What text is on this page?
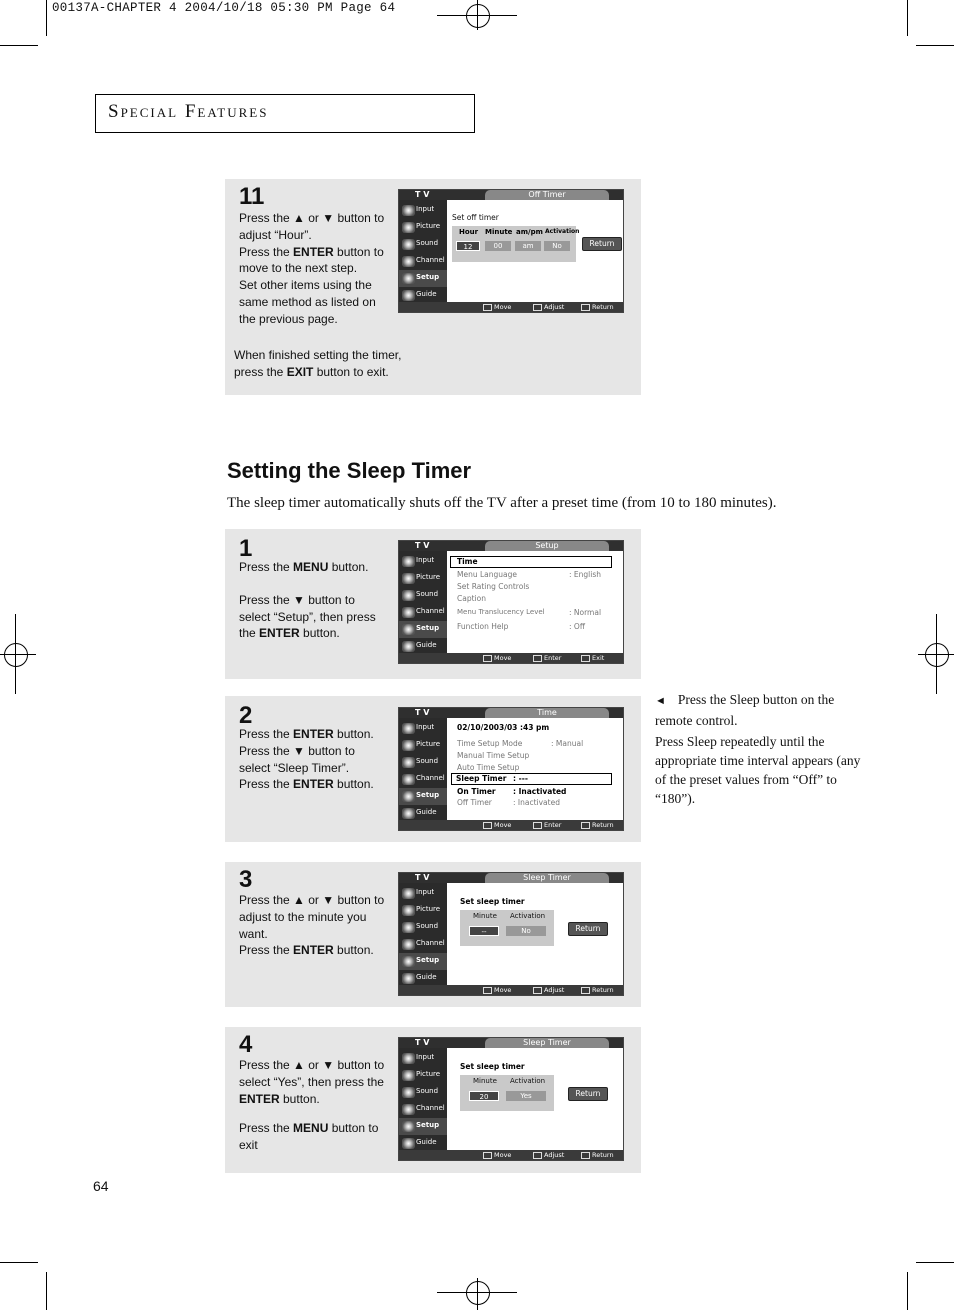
00137A-CHAPTER 4 2004/10/18 05:30 PM Page 64
Special Features
11
Press the ▲ or ▼ button to
adjust “Hour”.
Press the ENTER button to
move to the next step.
Set other items using the
same method as listed on
the previous page.
T V	Off Timer
Input
Picture
Sound
Channel
Setup
Guide
Set off timer
Hour Minute am/pm Activation
12	00	am	No	Return
Move	Adjust	Return
When finished setting the timer,
press the EXIT button to exit.
Setting the Sleep Timer
The sleep timer automatically shuts off the TV after a preset time (from 10 to 180 minutes).
1
Press the MENU button.
Press the ▼ button to
select “Setup”, then press
the ENTER button.
T V	Setup
Input
Picture
Sound
Channel
Setup
Guide
Time
Menu Language	: English
Set Rating Controls
Caption
Menu Translucency Level	: Normal
Function Help	: Off
Move	Enter	Exit
2
Press the ENTER button.
Press the ▼ button to
select “Sleep Timer”.
Press the ENTER button.
T V	Time
Input
Picture
Sound
Channel
Setup
Guide
02/10/2003/03 :43 pm
Time Setup Mode	: Manual
Manual Time Setup
Auto Time Setup
Sleep Timer : ---
On Timer : Inactivated
Off Timer	: Inactivated
Move	Enter	Return
3
Press the ▲ or ▼ button to
adjust to the minute you
want.
Press the ENTER button.
T V	Sleep Timer
Input
Picture
Sound
Channel
Setup
Guide
Set sleep timer
Minute Activation
--	No	Return
Move	Adjust	Return
4
Press the ▲ or ▼ button to
select “Yes”, then press the
ENTER button.
Press the MENU button to
exit
T V	Sleep Timer
Input
Picture
Sound
Channel
Setup
Guide
Set sleep timer
Minute Activation
20	Yes	Return
Move	Adjust	Return
◄ Press the Sleep button on the remote control.
Press Sleep repeatedly until the appropriate time interval appears (any of the preset values from “Off” to “180”).
64
